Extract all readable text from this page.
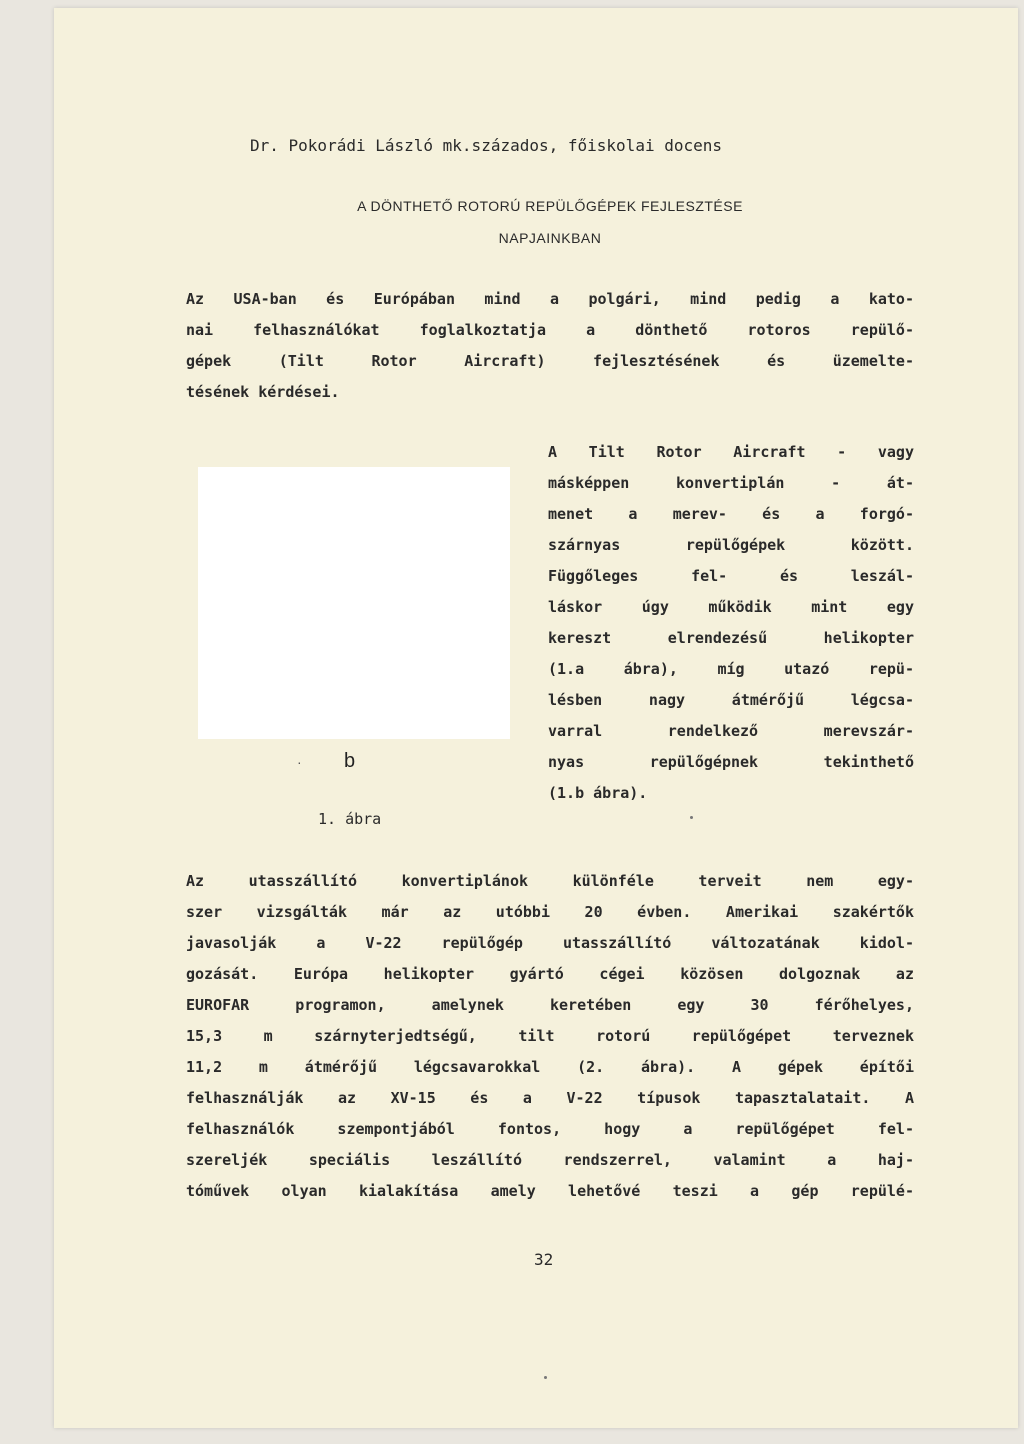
Dr. Pokorádi László mk.százados, főiskolai docens
A DÖNTHETŐ ROTORÚ REPÜLŐGÉPEK FEJLESZTÉSE
NAPJAINKBAN
Az USA-ban és Európában mind a polgári, mind pedig a kato-
nai felhasználókat foglalkoztatja a dönthető rotoros repülő-
gépek (Tilt Rotor Aircraft) fejlesztésének és üzemelte-
tésének kérdései.
· b
1. ábra
A Tilt Rotor Aircraft - vagy
másképpen konvertiplán - át-
menet a merev- és a forgó-
szárnyas repülőgépek között.
Függőleges fel- és leszál-
láskor úgy működik mint egy
kereszt elrendezésű helikopter
(1.a ábra), míg utazó repü-
lésben nagy átmérőjű légcsa-
varral rendelkező merevszár-
nyas repülőgépnek tekinthető
(1.b ábra).
Az utasszállító konvertiplánok különféle terveit nem egy-
szer vizsgálták már az utóbbi 20 évben. Amerikai szakértők
javasolják a V-22 repülőgép utasszállító változatának kidol-
gozását. Európa helikopter gyártó cégei közösen dolgoznak az
EUROFAR programon, amelynek keretében egy 30 férőhelyes,
15,3 m szárnyterjedtségű, tilt rotorú repülőgépet terveznek
11,2 m átmérőjű légcsavarokkal (2. ábra). A gépek építői
felhasználják az XV-15 és a V-22 típusok tapasztalatait. A
felhasználók szempontjából fontos, hogy a repülőgépet fel-
szereljék speciális leszállító rendszerrel, valamint a haj-
tóművek olyan kialakítása amely lehetővé teszi a gép repülé-
32
